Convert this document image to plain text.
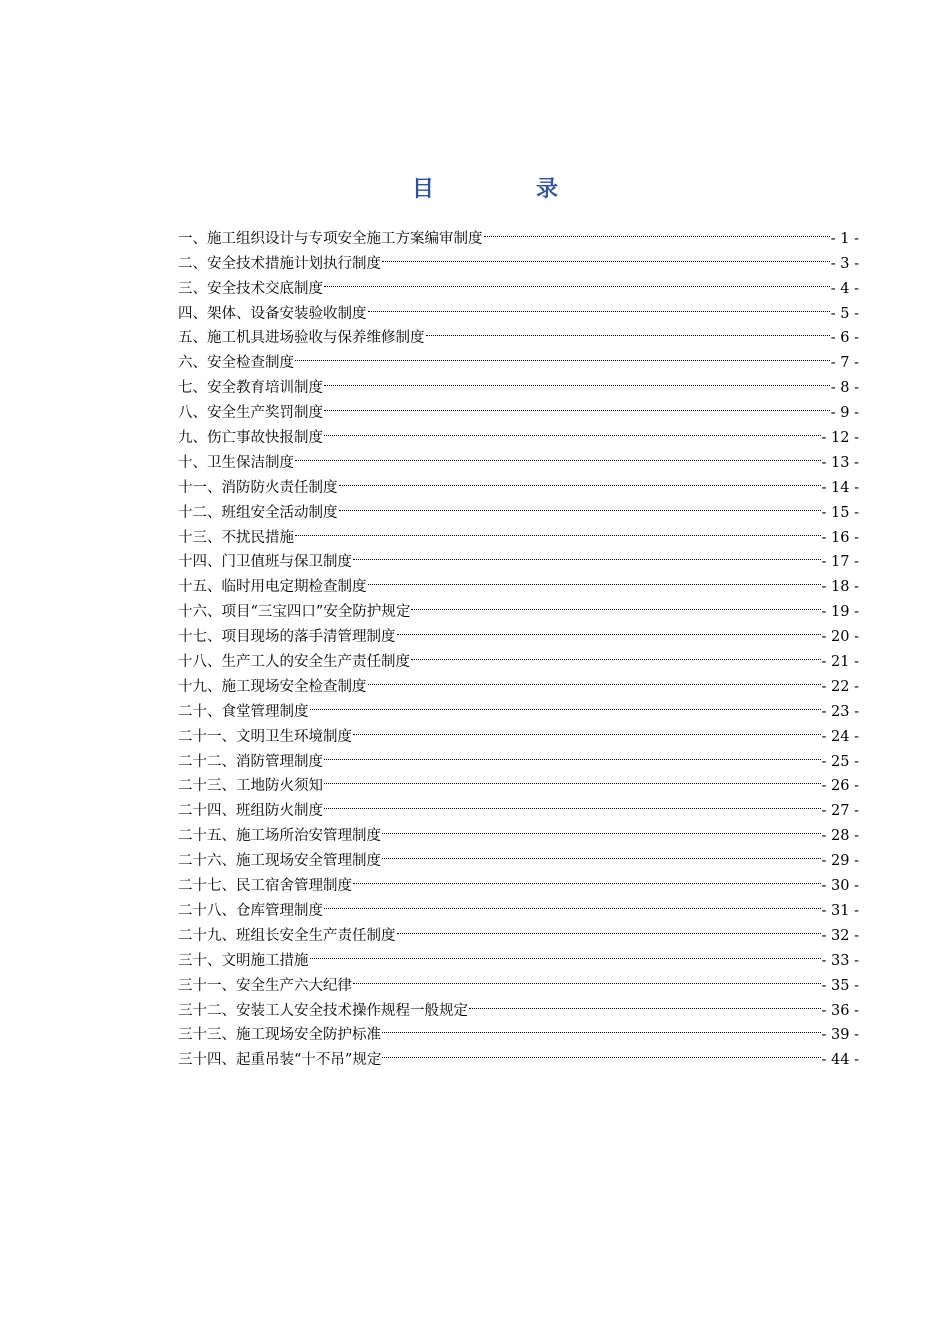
目　录
一、施工组织设计与专项安全施工方案编审制度	- 1 -
二、安全技术措施计划执行制度	- 3 -
三、安全技术交底制度	- 4 -
四、架体、设备安装验收制度	- 5 -
五、施工机具进场验收与保养维修制度	- 6 -
六、安全检查制度	- 7 -
七、安全教育培训制度	- 8 -
八、安全生产奖罚制度	- 9 -
九、伤亡事故快报制度	- 12 -
十、卫生保洁制度	- 13 -
十一、消防防火责任制度	- 14 -
十二、班组安全活动制度	- 15 -
十三、不扰民措施	- 16 -
十四、门卫值班与保卫制度	- 17 -
十五、临时用电定期检查制度	- 18 -
十六、项目“三宝四口”安全防护规定	- 19 -
十七、项目现场的落手清管理制度	- 20 -
十八、生产工人的安全生产责任制度	- 21 -
十九、施工现场安全检查制度	- 22 -
二十、食堂管理制度	- 23 -
二十一、文明卫生环境制度	- 24 -
二十二、消防管理制度	- 25 -
二十三、工地防火须知	- 26 -
二十四、班组防火制度	- 27 -
二十五、施工场所治安管理制度	- 28 -
二十六、施工现场安全管理制度	- 29 -
二十七、民工宿舍管理制度	- 30 -
二十八、仓库管理制度	- 31 -
二十九、班组长安全生产责任制度	- 32 -
三十、文明施工措施	- 33 -
三十一、安全生产六大纪律	- 35 -
三十二、安装工人安全技术操作规程一般规定	- 36 -
三十三、施工现场安全防护标准	- 39 -
三十四、起重吊装“十不吊”规定	- 44 -
